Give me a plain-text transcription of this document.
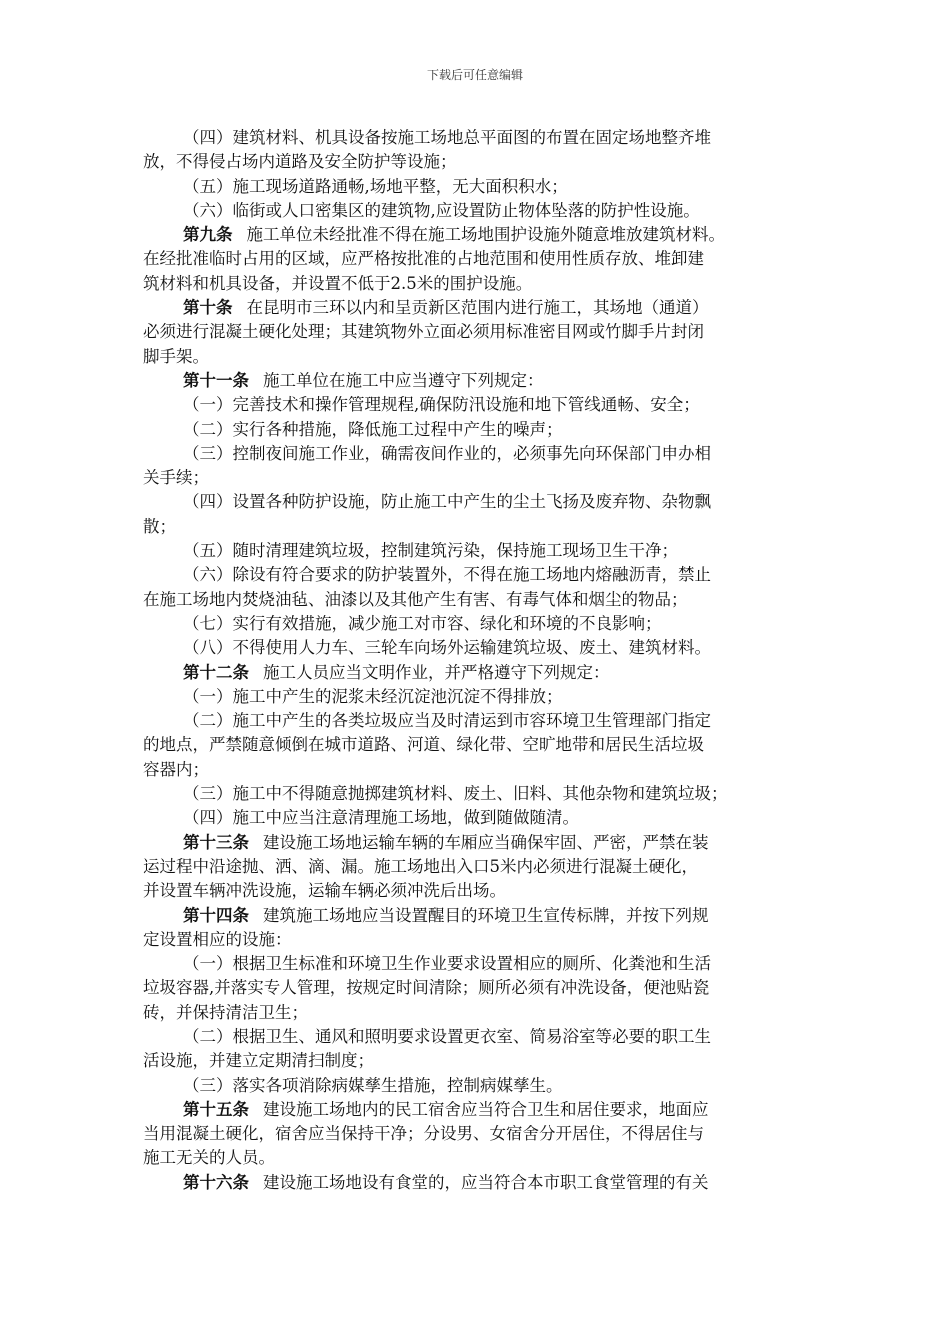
下载后可任意编辑
（四）建筑材料、机具设备按施工场地总平面图的布置在固定场地整齐堆
放，不得侵占场内道路及安全防护等设施；
（五）施工现场道路通畅,场地平整，无大面积积水；
（六）临街或人口密集区的建筑物,应设置防止物体坠落的防护性设施。
第九条 施工单位未经批准不得在施工场地围护设施外随意堆放建筑材料。
在经批准临时占用的区域，应严格按批准的占地范围和使用性质存放、堆卸建
筑材料和机具设备，并设置不低于2.5米的围护设施。
第十条 在昆明市三环以内和呈贡新区范围内进行施工，其场地（通道）
必须进行混凝土硬化处理；其建筑物外立面必须用标准密目网或竹脚手片封闭
脚手架。
第十一条 施工单位在施工中应当遵守下列规定：
（一）完善技术和操作管理规程,确保防汛设施和地下管线通畅、安全；
（二）实行各种措施，降低施工过程中产生的噪声；
（三）控制夜间施工作业，确需夜间作业的，必须事先向环保部门申办相
关手续；
（四）设置各种防护设施，防止施工中产生的尘土飞扬及废弃物、杂物飘
散；
（五）随时清理建筑垃圾，控制建筑污染，保持施工现场卫生干净；
（六）除设有符合要求的防护装置外，不得在施工场地内熔融沥青，禁止
在施工场地内焚烧油毡、油漆以及其他产生有害、有毒气体和烟尘的物品；
（七）实行有效措施，减少施工对市容、绿化和环境的不良影响；
（八）不得使用人力车、三轮车向场外运输建筑垃圾、废土、建筑材料。
第十二条 施工人员应当文明作业，并严格遵守下列规定：
（一）施工中产生的泥浆未经沉淀池沉淀不得排放；
（二）施工中产生的各类垃圾应当及时清运到市容环境卫生管理部门指定
的地点，严禁随意倾倒在城市道路、河道、绿化带、空旷地带和居民生活垃圾
容器内；
（三）施工中不得随意抛掷建筑材料、废土、旧料、其他杂物和建筑垃圾；
（四）施工中应当注意清理施工场地，做到随做随清。
第十三条 建设施工场地运输车辆的车厢应当确保牢固、严密，严禁在装
运过程中沿途抛、洒、滴、漏。施工场地出入口5米内必须进行混凝土硬化，
并设置车辆冲洗设施，运输车辆必须冲洗后出场。
第十四条 建筑施工场地应当设置醒目的环境卫生宣传标牌，并按下列规
定设置相应的设施：
（一）根据卫生标准和环境卫生作业要求设置相应的厕所、化粪池和生活
垃圾容器,并落实专人管理，按规定时间清除；厕所必须有冲洗设备，便池贴瓷
砖，并保持清洁卫生；
（二）根据卫生、通风和照明要求设置更衣室、简易浴室等必要的职工生
活设施，并建立定期清扫制度；
（三）落实各项消除病媒孳生措施，控制病媒孳生。
第十五条 建设施工场地内的民工宿舍应当符合卫生和居住要求，地面应
当用混凝土硬化，宿舍应当保持干净；分设男、女宿舍分开居住，不得居住与
施工无关的人员。
第十六条 建设施工场地设有食堂的，应当符合本市职工食堂管理的有关
